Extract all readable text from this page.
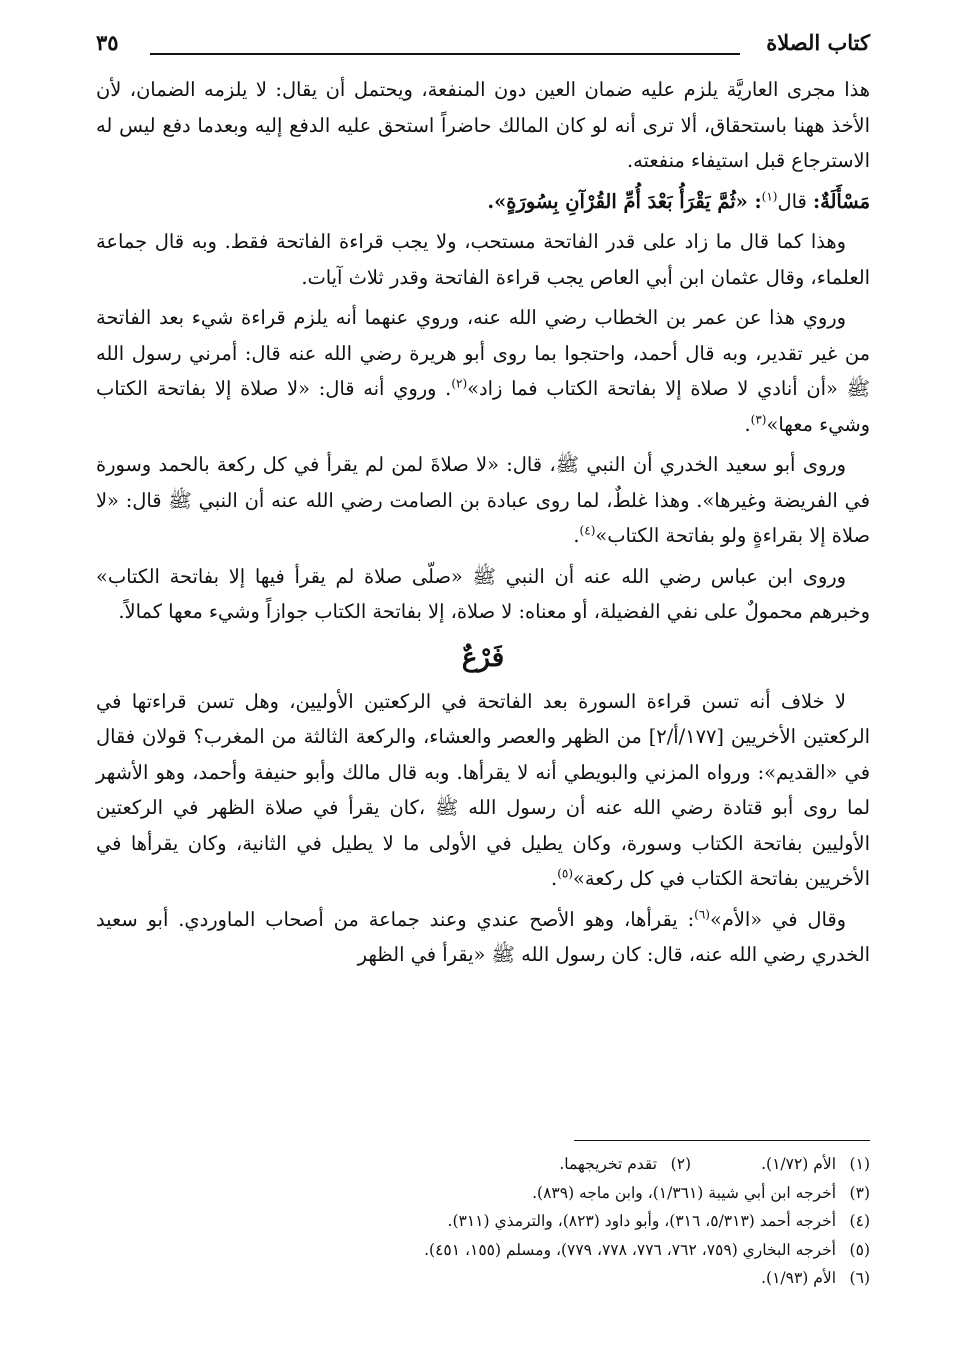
كتاب الصلاة
٣٥

هذا مجرى العاريَّة يلزم عليه ضمان العين دون المنفعة، ويحتمل أن يقال: لا يلزمه الضمان، لأن الأخذ ههنا باستحقاق، ألا ترى أنه لو كان المالك حاضراً استحق عليه الدفع إليه وبعدما دفع ليس له الاسترجاع قبل استيفاء منفعته.

مَسْأَلَةٌ: قال$^{(١)}$: «ثُمَّ يَقْرَأُ بَعْدَ أُمِّ القُرْآنِ بِسُورَةٍ».

وهذا كما قال ما زاد على قدر الفاتحة مستحب، ولا يجب قراءة الفاتحة فقط. وبه قال جماعة العلماء، وقال عثمان ابن أبي العاص يجب قراءة الفاتحة وقدر ثلاث آيات.

وروي هذا عن عمر بن الخطاب رضي الله عنه، وروي عنهما أنه يلزم قراءة شيء بعد الفاتحة من غير تقدير، وبه قال أحمد، واحتجوا بما روى أبو هريرة رضي الله عنه قال: أمرني رسول الله ﷺ «أن أنادي لا صلاة إلا بفاتحة الكتاب فما زاد»$^{(٢)}$. وروي أنه قال: «لا صلاة إلا بفاتحة الكتاب وشيء معها»$^{(٣)}$.

وروى أبو سعيد الخدري أن النبي ﷺ، قال: «لا صلاةَ لمن لم يقرأ في كل ركعة بالحمد وسورة في الفريضة وغيرها». وهذا غلطٌ، لما روى عبادة بن الصامت رضي الله عنه أن النبي ﷺ قال: «لا صلاة إلا بقراءةٍ ولو بفاتحة الكتاب»$^{(٤)}$.

وروى ابن عباس رضي الله عنه أن النبي ﷺ «صلّى صلاة لم يقرأ فيها إلا بفاتحة الكتاب» وخبرهم محمولٌ على نفي الفضيلة، أو معناه: لا صلاة، إلا بفاتحة الكتاب جوازاً وشيء معها كمالاً.

فَرْعٌ

لا خلاف أنه تسن قراءة السورة بعد الفاتحة في الركعتين الأوليين، وهل تسن قراءتها في الركعتين الأخريين [١٧٧/أ/٢] من الظهر والعصر والعشاء، والركعة الثالثة من المغرب؟ قولان فقال في «القديم»: ورواه المزني والبويطي أنه لا يقرأها. وبه قال مالك وأبو حنيفة وأحمد، وهو الأشهر لما روى أبو قتادة رضي الله عنه أن رسول الله ﷺ ،كان يقرأ في صلاة الظهر في الركعتين الأوليين بفاتحة الكتاب وسورة، وكان يطيل في الأولى ما لا يطيل في الثانية، وكان يقرأها في الأخريين بفاتحة الكتاب في كل ركعة»$^{(٥)}$.

وقال في «الأم»$^{(٦)}$: يقرأها، وهو الأصح عندي وعند جماعة من أصحاب الماوردي. أبو سعيد الخدري رضي الله عنه، قال: كان رسول الله ﷺ «يقرأ في الظهر

(١)الأم (١/٧٢).(٢)تقدم تخريجهما.
(٣)أخرجه ابن أبي شيبة (١/٣٦١)، وابن ماجه (٨٣٩).
(٤)أخرجه أحمد (٥/٣١٣، ٣١٦)، وأبو داود (٨٢٣)، والترمذي (٣١١).
(٥)أخرجه البخاري (٧٥٩، ٧٦٢، ٧٧٦، ٧٧٨، ٧٧٩)، ومسلم (١٥٥، ٤٥١).
(٦)الأم (١/٩٣).
